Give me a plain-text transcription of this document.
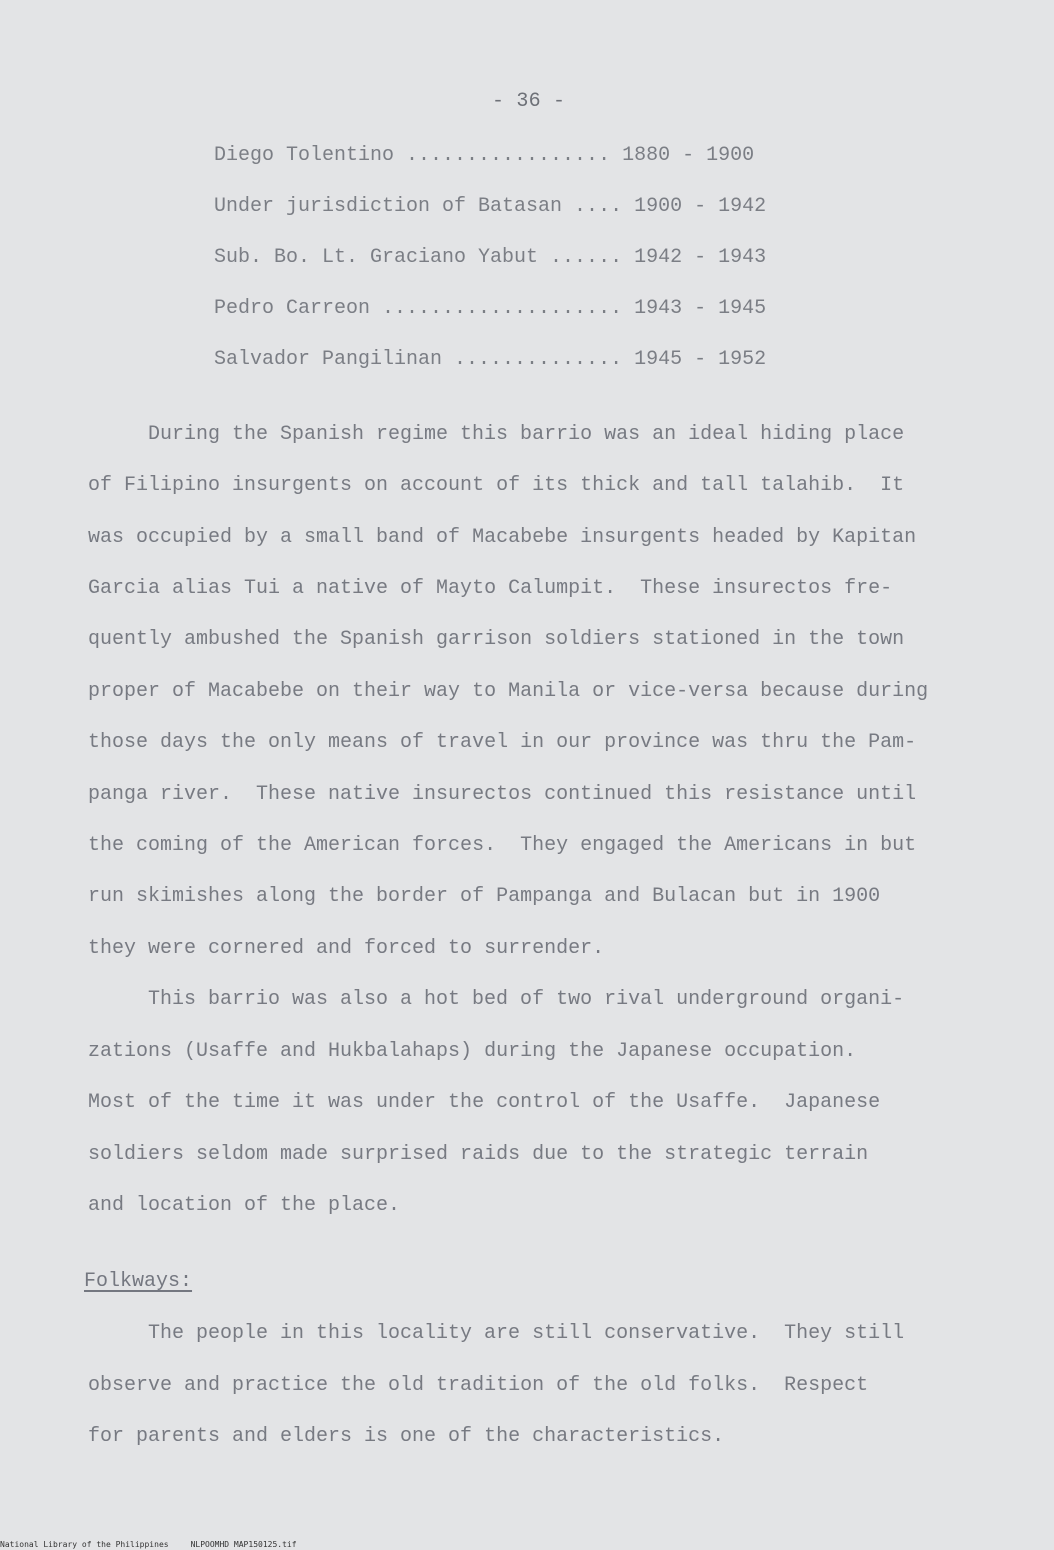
- 36 -
Diego Tolentino ................. 1880 - 1900
Under jurisdiction of Batasan .... 1900 - 1942
Sub. Bo. Lt. Graciano Yabut ...... 1942 - 1943
Pedro Carreon .................... 1943 - 1945
Salvador Pangilinan .............. 1945 - 1952
During the Spanish regime this barrio was an ideal hiding place
of Filipino insurgents on account of its thick and tall talahib.  It
was occupied by a small band of Macabebe insurgents headed by Kapitan
Garcia alias Tui a native of Mayto Calumpit.  These insurectos fre-
quently ambushed the Spanish garrison soldiers stationed in the town
proper of Macabebe on their way to Manila or vice-versa because during
those days the only means of travel in our province was thru the Pam-
panga river.  These native insurectos continued this resistance until
the coming of the American forces.  They engaged the Americans in but
run skimishes along the border of Pampanga and Bulacan but in 1900
they were cornered and forced to surrender.
This barrio was also a hot bed of two rival underground organi-
zations (Usaffe and Hukbalahaps) during the Japanese occupation.
Most of the time it was under the control of the Usaffe.  Japanese
soldiers seldom made surprised raids due to the strategic terrain
and location of the place.
Folkways:
The people in this locality are still conservative.  They still
observe and practice the old tradition of the old folks.  Respect
for parents and elders is one of the characteristics.
National Library of the Philippines	NLPOOMHD MAP150125.tif
